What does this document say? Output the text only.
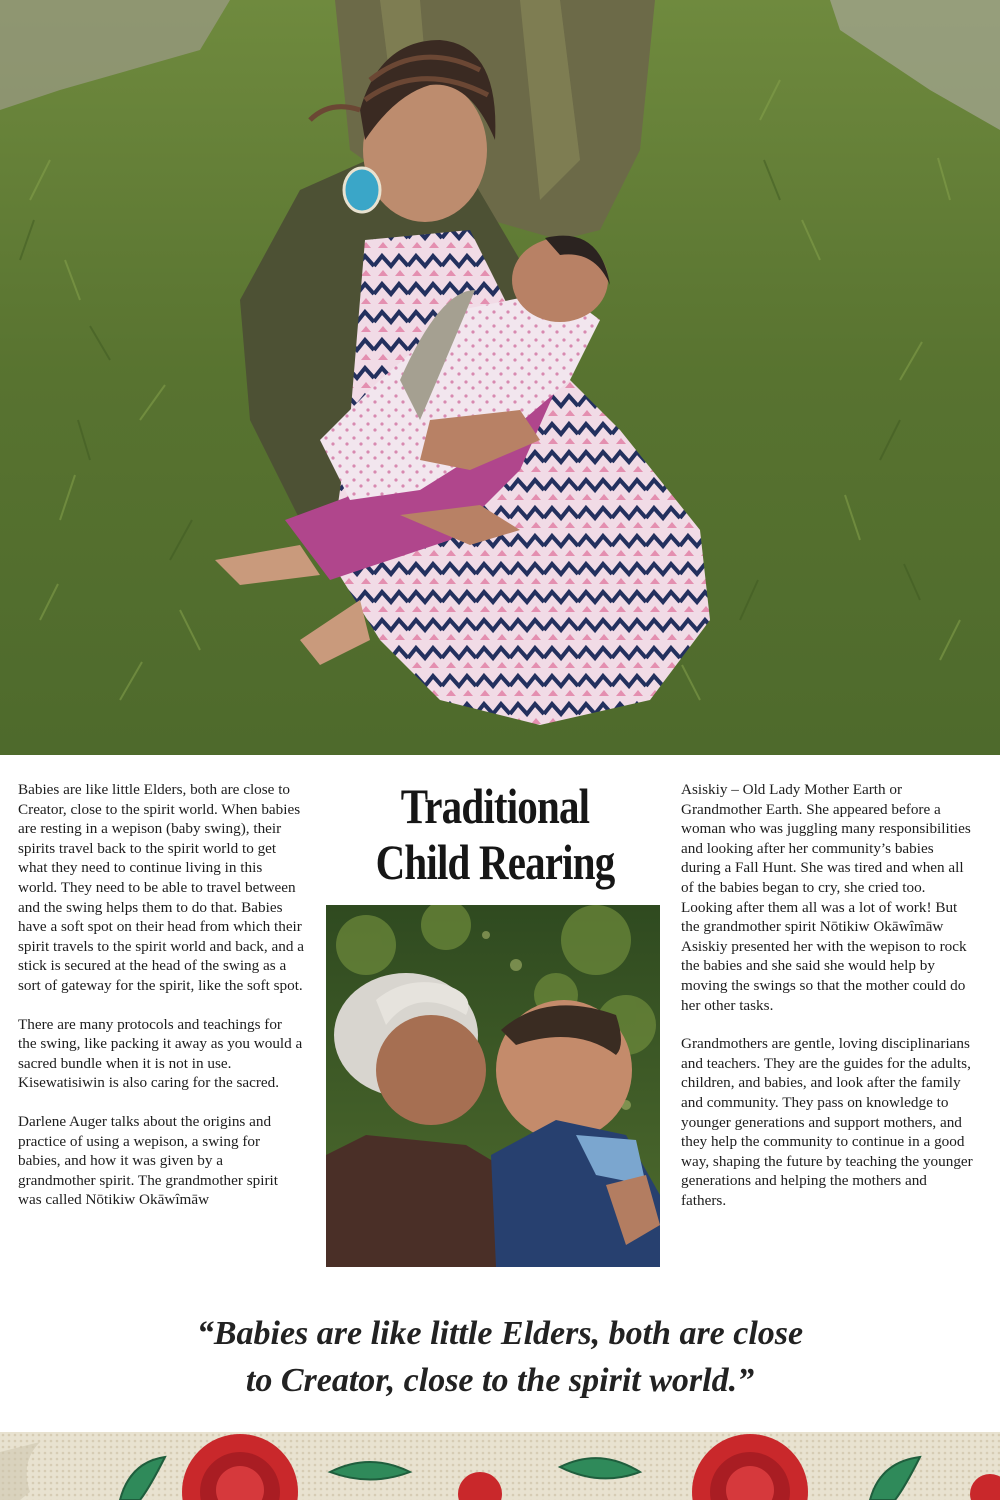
Babies are like little Elders, both are close to Creator, close to the spirit world. When babies are resting in a wepison (baby swing), their spirits travel back to the spirit world to get what they need to continue living in this world. They need to be able to travel between and the swing helps them to do that. Babies have a soft spot on their head from which their spirit travels to the spirit world and back, and a stick is secured at the head of the swing as a sort of gateway for the spirit, like the soft spot.

There are many protocols and teachings for the swing, like packing it away as you would a sacred bundle when it is not in use. Kisewatisiwin is also caring for the sacred.

Darlene Auger talks about the origins and practice of using a wepison, a swing for babies, and how it was given by a grandmother spirit. The grandmother spirit was called Nōtikiw Okāwîmāw

Traditional
Child Rearing

Asiskiy – Old Lady Mother Earth or Grandmother Earth. She appeared before a woman who was juggling many responsibilities and looking after her community’s babies during a Fall Hunt. She was tired and when all of the babies began to cry, she cried too. Looking after them all was a lot of work! But the grandmother spirit Nōtikiw Okāwîmāw Asiskiy presented her with the wepison to rock the babies and she said she would help by moving the swings so that the mother could do her other tasks.

Grandmothers are gentle, loving disciplinarians and teachers. They are the guides for the adults, children, and babies, and look after the family and community. They pass on knowledge to younger generations and support mothers, and they help the community to continue in a good way, shaping the future by teaching the younger generations and helping the mothers and fathers.

“Babies are like little Elders, both are close
to Creator, close to the spirit world.”
